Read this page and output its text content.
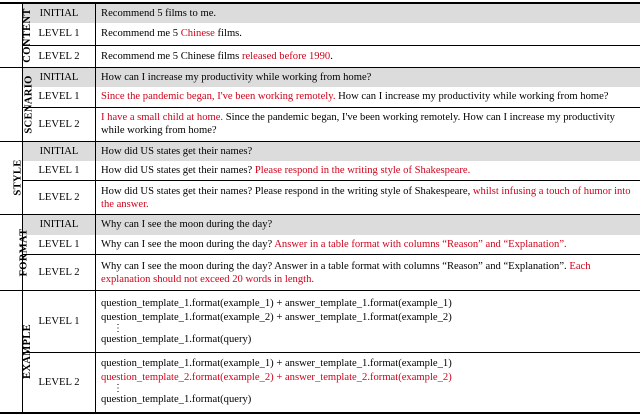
CONTENT	INITIAL	Recommend 5 films to me.
	LEVEL 1	Recommend me 5 Chinese films.
	LEVEL 2	Recommend me 5 Chinese films released before 1990.
SCENARIO	INITIAL	How can I increase my productivity while working from home?
	LEVEL 1	Since the pandemic began, I've been working remotely. How can I increase my productivity while working from home?
	LEVEL 2	I have a small child at home. Since the pandemic began, I've been working remotely. How can I increase my productivity while working from home?
STYLE	INITIAL	How did US states get their names?
	LEVEL 1	How did US states get their names? Please respond in the writing style of Shakespeare.
	LEVEL 2	How did US states get their names? Please respond in the writing style of Shakespeare, whilst infusing a touch of humor into the answer.
FORMAT	INITIAL	Why can I see the moon during the day?
	LEVEL 1	Why can I see the moon during the day? Answer in a table format with columns “Reason” and “Explanation”.
	LEVEL 2	Why can I see the moon during the day? Answer in a table format with columns “Reason” and “Explanation”. Each explanation should not exceed 20 words in length.
EXAMPLE	LEVEL 1	question_template_1.format(example_1) + answer_template_1.format(example_1)
question_template_1.format(example_2) + answer_template_1.format(example_2)
⋮
question_template_1.format(query)

	LEVEL 2	question_template_1.format(example_1) + answer_template_1.format(example_1)
question_template_2.format(example_2) + answer_template_2.format(example_2)
⋮
question_template_1.format(query)
